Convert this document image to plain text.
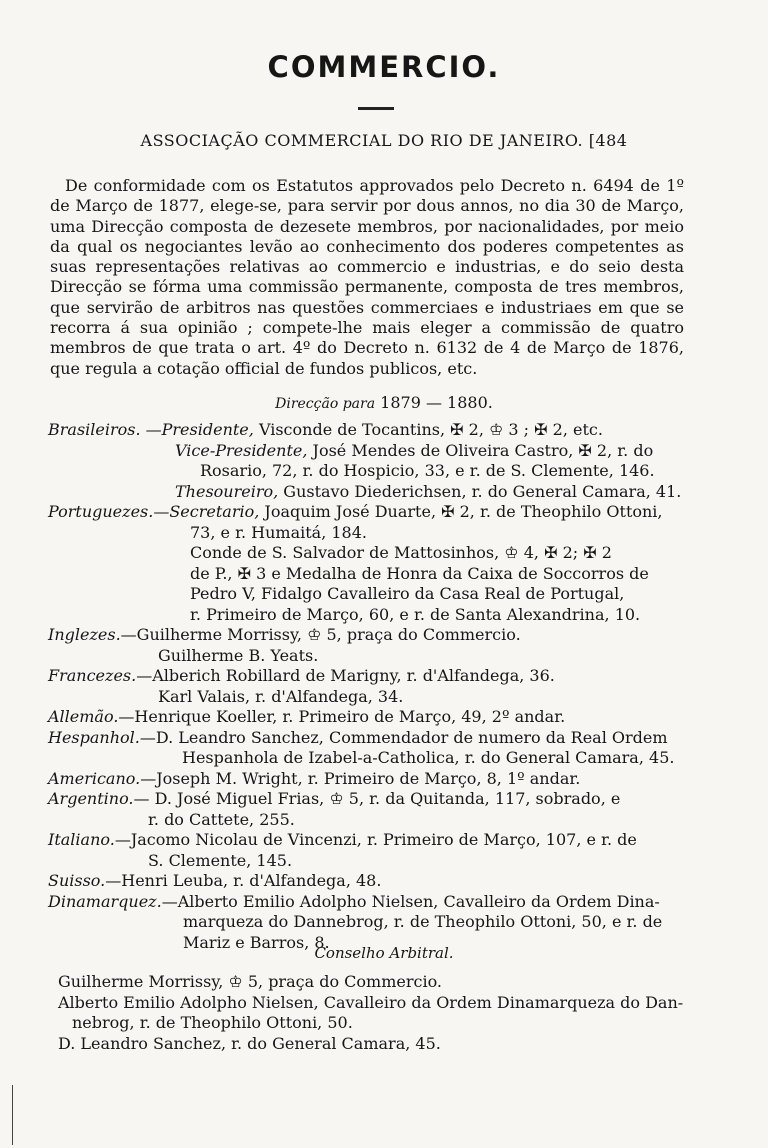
COMMERCIO.
ASSOCIAÇÃO COMMERCIAL DO RIO DE JANEIRO. [484
De conformidade com os Estatutos approvados pelo Decreto n. 6494 de 1º de Março de 1877, elege-se, para servir por dous annos, no dia 30 de Março, uma Direcção composta de dezesete membros, por nacionalidades, por meio da qual os negociantes levão ao conhecimento dos poderes competentes as suas representações relativas ao commercio e industrias, e do seio desta Direcção se fórma uma commissão permanente, composta de tres membros, que servirão de arbitros nas questões commerciaes e industriaes em que se recorra á sua opinião ; compete-lhe mais eleger a commissão de quatro membros de que trata o art. 4º do Decreto n. 6132 de 4 de Março de 1876, que regula a cotação official de fundos publicos, etc.
Direcção para 1879 — 1880.
Brasileiros. —Presidente, Visconde de Tocantins, ✠ 2, ♔ 3 ; ✠ 2, etc.
Vice-Presidente, José Mendes de Oliveira Castro, ✠ 2, r. do
Rosario, 72, r. do Hospicio, 33, e r. de S. Clemente, 146.
Thesoureiro, Gustavo Diederichsen, r. do General Camara, 41.
Portuguezes.—Secretario, Joaquim José Duarte, ✠ 2, r. de Theophilo Ottoni,
73, e r. Humaitá, 184.
Conde de S. Salvador de Mattosinhos, ♔ 4, ✠ 2; ✠ 2
de P., ✠ 3 e Medalha de Honra da Caixa de Soccorros de
Pedro V, Fidalgo Cavalleiro da Casa Real de Portugal,
r. Primeiro de Março, 60, e r. de Santa Alexandrina, 10.
Inglezes.—Guilherme Morrissy, ♔ 5, praça do Commercio.
Guilherme B. Yeats.
Francezes.—Alberich Robillard de Marigny, r. d'Alfandega, 36.
Karl Valais, r. d'Alfandega, 34.
Allemão.—Henrique Koeller, r. Primeiro de Março, 49, 2º andar.
Hespanhol.—D. Leandro Sanchez, Commendador de numero da Real Ordem
Hespanhola de Izabel-a-Catholica, r. do General Camara, 45.
Americano.—Joseph M. Wright, r. Primeiro de Março, 8, 1º andar.
Argentino.— D. José Miguel Frias, ♔ 5, r. da Quitanda, 117, sobrado, e
r. do Cattete, 255.
Italiano.—Jacomo Nicolau de Vincenzi, r. Primeiro de Março, 107, e r. de
S. Clemente, 145.
Suisso.—Henri Leuba, r. d'Alfandega, 48.
Dinamarquez.—Alberto Emilio Adolpho Nielsen, Cavalleiro da Ordem Dina-
marqueza do Dannebrog, r. de Theophilo Ottoni, 50, e r. de
Mariz e Barros, 8.
Conselho Arbitral.
Guilherme Morrissy, ♔ 5, praça do Commercio.
Alberto Emilio Adolpho Nielsen, Cavalleiro da Ordem Dinamarqueza do Dan-
nebrog, r. de Theophilo Ottoni, 50.
D. Leandro Sanchez, r. do General Camara, 45.
